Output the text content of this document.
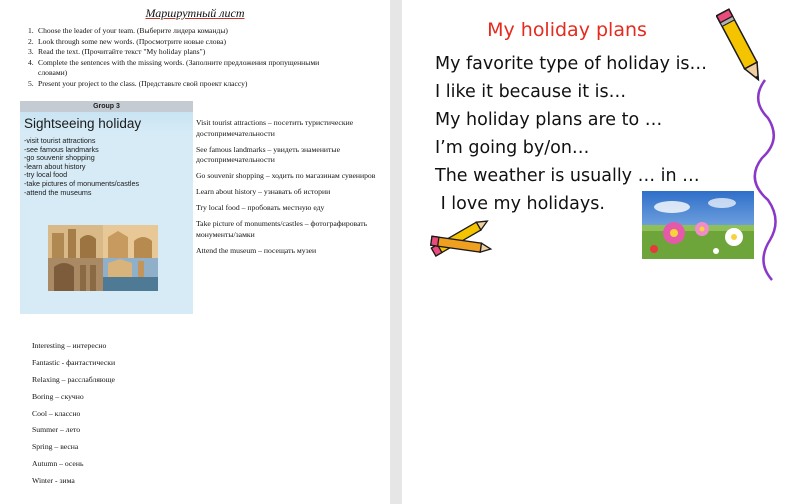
Маршрутный лист
1. Choose the leader of your team. (Выберите лидера команды)
2. Look through some new words. (Просмотрите новые слова)
3. Read the text. (Прочитайте текст "My holiday plans")
4. Complete the sentences with the missing words. (Заполните предложения пропущенными словами)
5. Present your project to the class. (Представьте свой проект классу)
Group 3
Sightseeing holiday
-visit tourist attractions
-see famous landmarks
-go souvenir shopping
-learn about history
-try local food
-take pictures of monuments/castles
-attend the museums

Visit tourist attractions – посетить туристические достопримечательности

See famous landmarks – увидеть знаменитые достопримечательности

Go souvenir shopping – ходить по магазинам сувениров

Learn about history – узнавать об истории

Try local food – пробовать местную еду

Take picture of monuments/castles – фотографировать монументы/замки

Attend the museum – посещать музеи

Interesting – интересно

Fantastic - фантастически

Relaxing – расслабляюще

Boring – скучно

Cool – классно

Summer – лето

Spring – весна

Autumn – осень

Winter - зима

My holiday plans
My favorite type of holiday is…
I like it because it is…
My holiday plans are to …
I’m going by/on…
The weather is usually … in …
I love my holidays.
